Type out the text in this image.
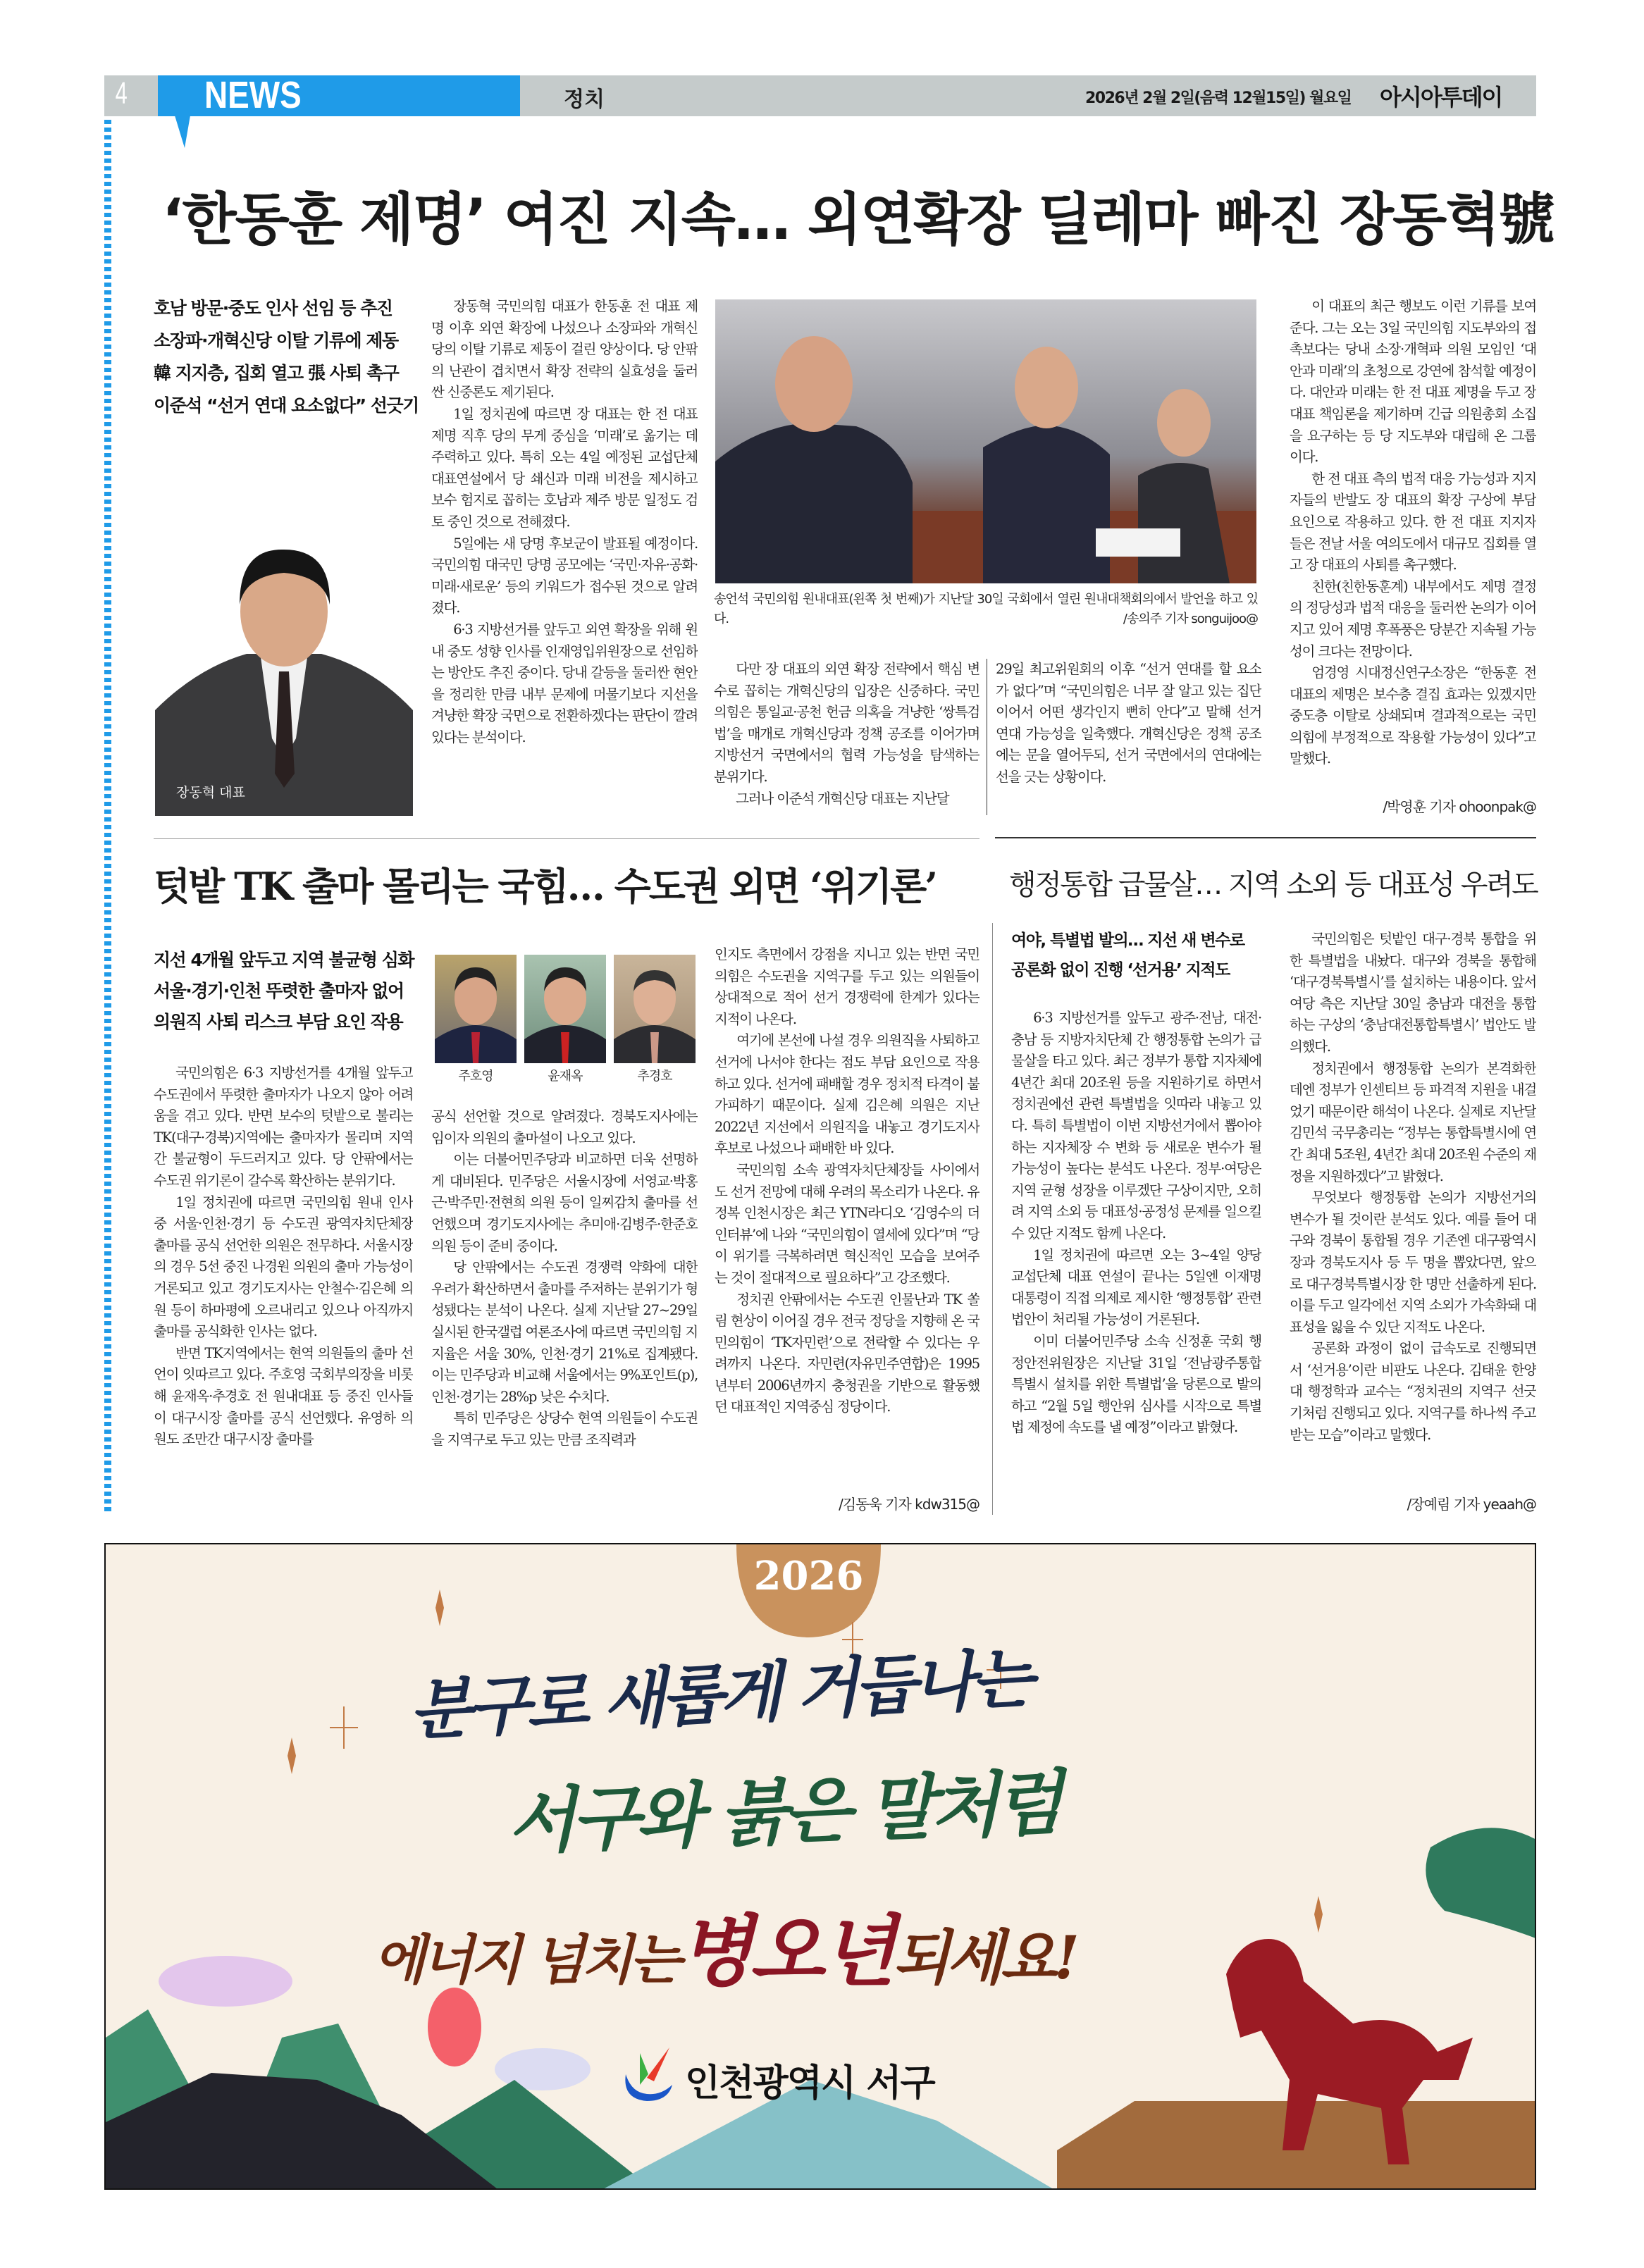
4 NEWS	정치	2026년 2월 2일(음력 12월15일) 월요일 아시아투데이
‘한동훈 제명’ 여진 지속… 외연확장 딜레마 빠진 장동혁號
호남 방문·중도 인사 선임 등 추진
소장파·개혁신당 이탈 기류에 제동
韓 지지층, 집회 열고 張 사퇴 촉구
이준석 “선거 연대 요소없다” 선긋기
장동혁 대표

장동혁 국민의힘 대표가 한동훈 전 대표 제명 이후 외연 확장에 나섰으나 소장파와 개혁신당의 이탈 기류로 제동이 걸린 양상이다. 당 안팎의 난관이 겹치면서 확장 전략의 실효성을 둘러싼 신중론도 제기된다.

1일 정치권에 따르면 장 대표는 한 전 대표 제명 직후 당의 무게 중심을 ‘미래’로 옮기는 데 주력하고 있다. 특히 오는 4일 예정된 교섭단체 대표연설에서 당 쇄신과 미래 비전을 제시하고 보수 험지로 꼽히는 호남과 제주 방문 일정도 검토 중인 것으로 전해졌다.

5일에는 새 당명 후보군이 발표될 예정이다. 국민의힘 대국민 당명 공모에는 ‘국민·자유·공화·미래·새로운’ 등의 키워드가 접수된 것으로 알려졌다.

6·3 지방선거를 앞두고 외연 확장을 위해 원내 중도 성향 인사를 인재영입위원장으로 선임하는 방안도 추진 중이다. 당내 갈등을 둘러싼 현안을 정리한 만큼 내부 문제에 머물기보다 지선을 겨냥한 확장 국면으로 전환하겠다는 판단이 깔려 있다는 분석이다.

송언석 국민의힘 원내대표(왼쪽 첫 번째)가 지난달 30일 국회에서 열린 원내대책회의에서 발언을 하고 있다.	/송의주 기자 songuijoo@

다만 장 대표의 외연 확장 전략에서 핵심 변수로 꼽히는 개혁신당의 입장은 신중하다. 국민의힘은 통일교·공천 헌금 의혹을 겨냥한 ‘쌍특검법’을 매개로 개혁신당과 정책 공조를 이어가며 지방선거 국면에서의 협력 가능성을 탐색하는 분위기다.

그러나 이준석 개혁신당 대표는 지난달

29일 최고위원회의 이후 “선거 연대를 할 요소가 없다”며 “국민의힘은 너무 잘 알고 있는 집단이어서 어떤 생각인지 뻔히 안다”고 말해 선거 연대 가능성을 일축했다. 개혁신당은 정책 공조에는 문을 열어두되, 선거 국면에서의 연대에는 선을 긋는 상황이다.

이 대표의 최근 행보도 이런 기류를 보여준다. 그는 오는 3일 국민의힘 지도부와의 접촉보다는 당내 소장·개혁파 의원 모임인 ‘대안과 미래’의 초청으로 강연에 참석할 예정이다. 대안과 미래는 한 전 대표 제명을 두고 장 대표 책임론을 제기하며 긴급 의원총회 소집을 요구하는 등 당 지도부와 대립해 온 그룹이다.

한 전 대표 측의 법적 대응 가능성과 지지자들의 반발도 장 대표의 확장 구상에 부담 요인으로 작용하고 있다. 한 전 대표 지지자들은 전날 서울 여의도에서 대규모 집회를 열고 장 대표의 사퇴를 촉구했다.

친한(친한동훈계) 내부에서도 제명 결정의 정당성과 법적 대응을 둘러싼 논의가 이어지고 있어 제명 후폭풍은 당분간 지속될 가능성이 크다는 전망이다.

엄경영 시대정신연구소장은 “한동훈 전 대표의 제명은 보수층 결집 효과는 있겠지만 중도층 이탈로 상쇄되며 결과적으로는 국민의힘에 부정적으로 작용할 가능성이 있다”고 말했다.

/박영훈 기자 ohoonpak@
텃밭 TK 출마 몰리는 국힘… 수도권 외면 ‘위기론’
지선 4개월 앞두고 지역 불균형 심화
서울·경기·인천 뚜렷한 출마자 없어
의원직 사퇴 리스크 부담 요인 작용
주호영	윤재옥	추경호

국민의힘은 6·3 지방선거를 4개월 앞두고 수도권에서 뚜렷한 출마자가 나오지 않아 어려움을 겪고 있다. 반면 보수의 텃밭으로 불리는 TK(대구·경북)지역에는 출마자가 몰리며 지역 간 불균형이 두드러지고 있다. 당 안팎에서는 수도권 위기론이 갈수록 확산하는 분위기다.

1일 정치권에 따르면 국민의힘 원내 인사 중 서울·인천·경기 등 수도권 광역자치단체장 출마를 공식 선언한 의원은 전무하다. 서울시장의 경우 5선 중진 나경원 의원의 출마 가능성이 거론되고 있고 경기도지사는 안철수·김은혜 의원 등이 하마평에 오르내리고 있으나 아직까지 출마를 공식화한 인사는 없다.

반면 TK지역에서는 현역 의원들의 출마 선언이 잇따르고 있다. 주호영 국회부의장을 비롯해 윤재옥·추경호 전 원내대표 등 중진 인사들이 대구시장 출마를 공식 선언했다. 유영하 의원도 조만간 대구시장 출마를

공식 선언할 것으로 알려졌다. 경북도지사에는 임이자 의원의 출마설이 나오고 있다.

이는 더불어민주당과 비교하면 더욱 선명하게 대비된다. 민주당은 서울시장에 서영교·박홍근·박주민·전현희 의원 등이 일찌감치 출마를 선언했으며 경기도지사에는 추미애·김병주·한준호 의원 등이 준비 중이다.

당 안팎에서는 수도권 경쟁력 약화에 대한 우려가 확산하면서 출마를 주저하는 분위기가 형성됐다는 분석이 나온다. 실제 지난달 27~29일 실시된 한국갤럽 여론조사에 따르면 국민의힘 지지율은 서울 30%, 인천·경기 21%로 집계됐다. 이는 민주당과 비교해 서울에서는 9%포인트(p), 인천·경기는 28%p 낮은 수치다.

특히 민주당은 상당수 현역 의원들이 수도권을 지역구로 두고 있는 만큼 조직력과

인지도 측면에서 강점을 지니고 있는 반면 국민의힘은 수도권을 지역구를 두고 있는 의원들이 상대적으로 적어 선거 경쟁력에 한계가 있다는 지적이 나온다.

여기에 본선에 나설 경우 의원직을 사퇴하고 선거에 나서야 한다는 점도 부담 요인으로 작용하고 있다. 선거에 패배할 경우 정치적 타격이 불가피하기 때문이다. 실제 김은혜 의원은 지난 2022년 지선에서 의원직을 내놓고 경기도지사 후보로 나섰으나 패배한 바 있다.

국민의힘 소속 광역자치단체장들 사이에서도 선거 전망에 대해 우려의 목소리가 나온다. 유정복 인천시장은 최근 YTN라디오 ‘김영수의 더 인터뷰’에 나와 “국민의힘이 열세에 있다”며 “당이 위기를 극복하려면 혁신적인 모습을 보여주는 것이 절대적으로 필요하다”고 강조했다.

정치권 안팎에서는 수도권 인물난과 TK 쏠림 현상이 이어질 경우 전국 정당을 지향해 온 국민의힘이 ‘TK자민련’으로 전락할 수 있다는 우려까지 나온다. 자민련(자유민주연합)은 1995년부터 2006년까지 충청권을 기반으로 활동했던 대표적인 지역중심 정당이다.

/김동욱 기자 kdw315@
행정통합 급물살… 지역 소외 등 대표성 우려도
여야, 특별법 발의… 지선 새 변수로
공론화 없이 진행 ‘선거용’ 지적도

6·3 지방선거를 앞두고 광주·전남, 대전·충남 등 지방자치단체 간 행정통합 논의가 급물살을 타고 있다. 최근 정부가 통합 지자체에 4년간 최대 20조원 등을 지원하기로 하면서 정치권에선 관련 특별법을 잇따라 내놓고 있다. 특히 특별법이 이번 지방선거에서 뽑아야 하는 지자체장 수 변화 등 새로운 변수가 될 가능성이 높다는 분석도 나온다. 정부·여당은 지역 균형 성장을 이루겠단 구상이지만, 오히려 지역 소외 등 대표성·공정성 문제를 일으킬 수 있단 지적도 함께 나온다.

1일 정치권에 따르면 오는 3~4일 양당 교섭단체 대표 연설이 끝나는 5일엔 이재명 대통령이 직접 의제로 제시한 ‘행정통합’ 관련 법안이 처리될 가능성이 거론된다.

이미 더불어민주당 소속 신정훈 국회 행정안전위원장은 지난달 31일 ‘전남광주통합특별시 설치를 위한 특별법’을 당론으로 발의하고 “2월 5일 행안위 심사를 시작으로 특별법 제정에 속도를 낼 예정”이라고 밝혔다.

국민의힘은 텃밭인 대구·경북 통합을 위한 특별법을 내놨다. 대구와 경북을 통합해 ‘대구경북특별시’를 설치하는 내용이다. 앞서 여당 측은 지난달 30일 충남과 대전을 통합하는 구상의 ‘충남대전통합특별시’ 법안도 발의했다.

정치권에서 행정통합 논의가 본격화한 데엔 정부가 인센티브 등 파격적 지원을 내걸었기 때문이란 해석이 나온다. 실제로 지난달 김민석 국무총리는 “정부는 통합특별시에 연간 최대 5조원, 4년간 최대 20조원 수준의 재정을 지원하겠다”고 밝혔다.

무엇보다 행정통합 논의가 지방선거의 변수가 될 것이란 분석도 있다. 예를 들어 대구와 경북이 통합될 경우 기존엔 대구광역시장과 경북도지사 등 두 명을 뽑았다면, 앞으로 대구경북특별시장 한 명만 선출하게 된다. 이를 두고 일각에선 지역 소외가 가속화돼 대표성을 잃을 수 있단 지적도 나온다.

공론화 과정이 없이 급속도로 진행되면서 ‘선거용’이란 비판도 나온다. 김태윤 한양대 행정학과 교수는 “정치권의 지역구 선긋기처럼 진행되고 있다. 지역구를 하나씩 주고받는 모습”이라고 말했다.

/장예림 기자 yeaah@
2026
분구로 새롭게 거듭나는
서구와 붉은 말처럼
에너지 넘치는 병오년 되세요!
인천광역시 서구
